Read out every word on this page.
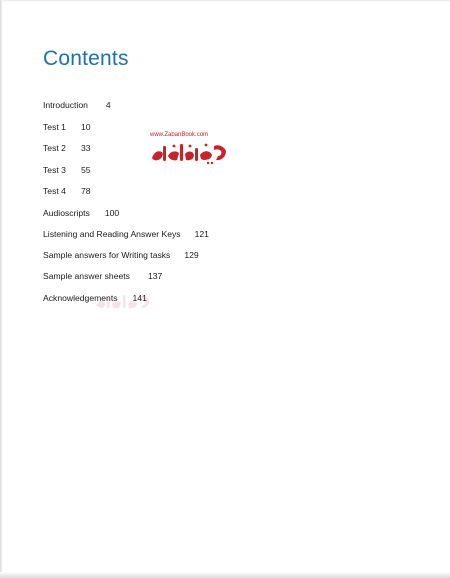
Contents
Introduction 4
Test 1 10
Test 2 33
Test 3 55
Test 4 78
Audioscripts 100
Listening and Reading Answer Keys 121
Sample answers for Writing tasks 129
Sample answer sheets 137
Acknowledgements 141
www.ZabanBook.com
